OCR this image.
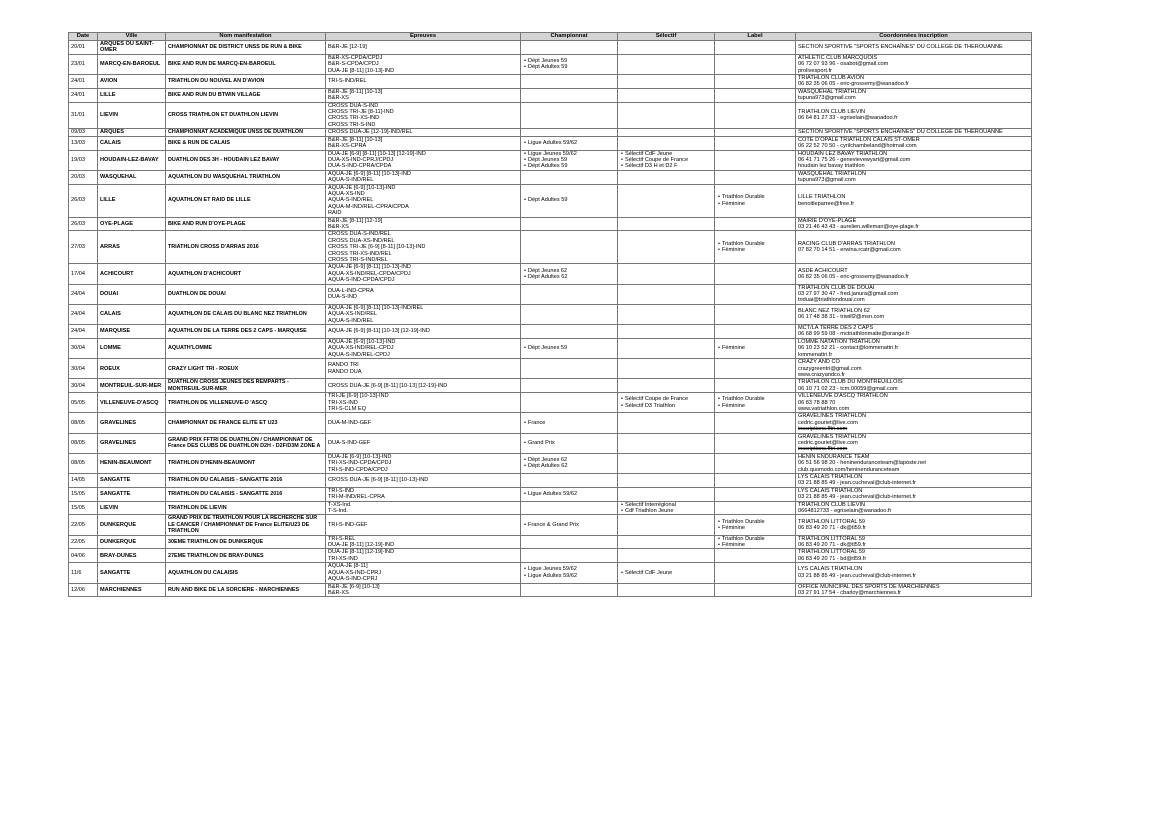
Date	Ville	Nom manifestation	Épreuves	Championnat	Sélectif	Label	Coordonnées inscription
20/01	ARQUES OU SAINT-OMER	CHAMPIONNAT DE DISTRICT UNSS DE RUN & BIKE	B&R-JE [12-19]				SECTION SPORTIVE "SPORTS ENCHAÎNES" DU COLLEGE DE THEROUANNE

23/01	MARCQ-EN-BAROEUL	BIKE AND RUN DE MARCQ-EN-BAROEUL	B&R-XS-CPDA/CPDJ
B&R-S-CPDA/CPDJ
DUA-JE [8-11] [10-13]-IND	• Dépt Jeunes 59
• Dépt Adultes 59			ATHLETIC CLUB MARCQUOIS
06 72 07 93 96 - osabot@gmail.com
prolivesport.fr

24/01	AVION	TRIATHLON DU NOUVEL AN D'AVION	TRI-S-IND/REL				TRIATHLON CLUB AVION
06 82 35 06 05 - eric-grossemy@wanadoo.fr

24/01	LILLE	BIKE AND RUN DU BTWIN VILLAGE	B&R-JE [8-11] [10-13]
B&R-XS				WASQUEHAL TRIATHLON
tupuna973@gmail.com

31/01	LIEVIN	CROSS TRIATHLON ET DUATHLON LIEVIN	CROSS DUA-S-IND
CROSS TRI-JE [8-11]-IND
CROSS TRI-XS-IND
CROSS TRI-S-IND				TRIATHLON CLUB LIEVIN
06 64 81 27 33 - egriselain@wanadoo.fr

09/03	ARQUES	CHAMPIONNAT ACADEMIQUE UNSS DE DUATHLON	CROSS DUA-JE [12-19]-IND/REL				SECTION SPORTIVE "SPORTS ENCHAÎNES" DU COLLEGE DE THEROUANNE

13/03	CALAIS	BIKE & RUN DE CALAIS	B&R-JE [8-11] [10-13]
B&R-XS-CPRA	• Ligue Adultes 59/62			CÔTE D'OPALE TRIATHLON CALAIS ST-OMER
06 22 52 70 50 - cyrilchambeland@hotmail.com

19/03	HOUDAIN-LEZ-BAVAY	DUATHLON DES 3H - HOUDAIN LEZ BAVAY	DUA-JE [6-9] [8-11] [10-13] [12-19]-IND
DUA-XS-IND-CPRJ/CPDJ
DUA-S-IND-CPRA/CPDA	• Ligue Jeunes 59/62
• Dépt Jeunes 59
• Dépt Adultes 59	• Sélectif CdF Jeune
• Sélectif Coupe de France
• Sélectif D3 H et D2 F		HOUDAIN LEZ BAVAY TRIATHLON
06 41 71 75 26 - genevievewyart@gmail.com
houdain lez bavay triathlon

20/03	WASQUEHAL	AQUATHLON DU WASQUEHAL TRIATHLON	AQUA-JE [6-9] [8-11] [10-13]-IND
AQUA-S-IND/REL				WASQUEHAL TRIATHLON
tupuna973@gmail.com

26/03	LILLE	AQUATHLON ET RAID DE LILLE	AQUA-JE [6-9] [10-13]-IND
AQUA-XS-IND
AQUA-S-IND/REL
AQUA-M-IND/REL-CPRA/CPDA
RAID	• Dépt Adultes 59		• Triathlon Durable
• Féminine	LILLE TRIATHLON
benoitleparree@free.fr

26/03	OYE-PLAGE	BIKE AND RUN D'OYE-PLAGE	B&R-JE [8-11] [12-19]
B&R-XS				MAIRIE D'OYE-PLAGE
03 21 46 43 43 - aurelien.willeman@oye-plage.fr

27/03	ARRAS	TRIATHLON CROSS D'ARRAS 2016	CROSS DUA-S-IND/REL
CROSS DUA-XS-IND/REL
CROSS TRI-JE [6-9] [8-11] [10-13]-IND
CROSS TRI-XS-IND/REL
CROSS TRI-S-IND/REL			• Triathlon Durable
• Féminine	RACING CLUB D'ARRAS TRIATHLON
07 82 70 14 51 - erwina.rcatr@gmail.com

17/04	ACHICOURT	AQUATHLON D'ACHICOURT	AQUA-JE [6-9] [8-11] [10-13]-IND
AQUA-XS-IND/REL-CPDA/CPDJ
AQUA-S-IND-CPDA/CPDJ	• Dépt Jeunes 62
• Dépt Adultes 62			ASDE ACHICOURT
06 82 35 06 05 - eric-grossemy@wanadoo.fr

24/04	DOUAI	DUATHLON DE DOUAI	DUA-L-IND-CPRA
DUA-S-IND				TRIATHLON CLUB DE DOUAI
03 27 97 30 47 - fred.janura@gmail.com
triduai@triathlondouai.com

24/04	CALAIS	AQUATHLON DE CALAIS DU BLANC NEZ TRIATHLON	AQUA-JE [6-9] [8-11] [10-13]-IND/REL
AQUA-XS-IND/REL
AQUA-S-IND/REL				BLANC NEZ TRIATHLON 62
06 17 48 38 31 - triwill2@msn.com

24/04	MARQUISE	AQUATHLON DE LA TERRE DES 2 CAPS - MARQUISE	AQUA-JE [6-9] [8-11] [10-13] [12-19]-IND				MCT/LA TERRE DES 2 CAPS
06 68 99 59 08 - mctriathlonmaite@orange.fr

30/04	LOMME	AQUATH'LOMME	AQUA-JE [6-9] [10-13]-IND
AQUA-XS-IND/REL-CPDJ
AQUA-S-IND/REL-CPDJ	• Dépt Jeunes 59		• Féminine	LOMME NATATION TRIATHLON
06 10 23 52 21 - contact@lommenattri.fr
lommenattri.fr

30/04	ROEUX	CRAZY LIGHT TRI - ROEUX	RANDO TRI
RANDO DUA				CRAZY AND CO
crazygreentri@gmail.com
www.crazyandco.fr

30/04	MONTREUIL-SUR-MER	DUATHLON CROSS JEUNES DES REMPARTS - MONTREUIL-SUR-MER	CROSS DUA-JE [6-9] [8-11] [10-13] [12-19]-IND				TRIATHLON CLUB DU MONTREUILLOIS
06 10 71 02 23 - tcm.00059@gmail.com

05/05	VILLENEUVE-D'ASCQ	TRIATHLON DE VILLENEUVE-D 'ASCQ	TRI-JE [6-9] [10-13]-IND
TRI-XS-IND
TRI-S-CLM EQ		• Sélectif Coupe de France
• Sélectif D3 Triathlon	• Triathlon Durable
• Féminine	VILLENEUVE D'ASCQ TRIATHLON
06 83 78 88 70
www.vatriathlon.com

08/05	GRAVELINES	CHAMPIONNAT DE FRANCE ELITE ET U23	DUA-M-IND-GEF	• France			GRAVELINES TRIATHLON
cedric.gouriet@live.com
inscriptions.fftri.com

08/05	GRAVELINES	GRAND PRIX FFTRI DE DUATHLON / CHAMPIONNAT DE France DES CLUBS DE DUATHLON D2H - D2F/D3M ZONE A	DUA-S-IND-GEF	• Grand Prix			GRAVELINES TRIATHLON
cedric.gouriet@live.com
inscriptions.fftri.com

08/05	HENIN-BEAUMONT	TRIATHLON D'HENIN-BEAUMONT	DUA-JE [6-9] [10-13]-IND
TRI-XS-IND-CPDA/CPDJ
TRI-S-IND-CPDA/CPDJ	• Dépt Jeunes 62
• Dépt Adultes 62			HENIN ENDURANCE TEAM
06 51 56 98 20 - heninenduranceteam@laposte.net
club.quomodo.com/heninenduranceteam

14/05	SANGATTE	TRIATHLON DU CALAISIS - SANGATTE 2016	CROSS DUA-JE [6-9] [8-11] [10-13]-IND				LYS CALAIS TRIATHLON
03 21 88 85 49 - jean.cucheval@club-internet.fr

15/05	SANGATTE	TRIATHLON DU CALAISIS - SANGATTE 2016	TRI-S-IND
TRI-M-IND/REL-CPRA	• Ligue Adultes 59/62			LYS CALAIS TRIATHLON
03 21 88 85 49 - jean.cucheval@club-internet.fr

15/05	LIEVIN	TRIATHLON DE LIEVIN	T-XS-Ind.
T-S-Ind.		• Sélectif Interrégional
• Cdf Triathlon Jeune		TRIATHLON CLUB LIEVIN
0664812733 - egriselain@wanadoo.fr

22/05	DUNKERQUE	GRAND PRIX DE TRIATHLON POUR LA RECHERCHE SUR LE CANCER / CHAMPIONNAT DE France ELITE/U23 DE TRIATHLON	TRI-S-IND-GEF	• France & Grand Prix		• Triathlon Durable
• Féminine	TRIATHLON LITTORAL 59
06 83 49 20 71 - dk@tl59.fr

22/05	DUNKERQUE	30EME TRIATHLON DE DUNKERQUE	TRI-S-REL
DUA-JE [8-11] [12-19]-IND			• Triathlon Durable
• Féminine	TRIATHLON LITTORAL 59
06 83 49 20 71 - dk@tl59.fr

04/06	BRAY-DUNES	27EME TRIATHLON DE BRAY-DUNES	DUA-JE [8-11] [12-19]-IND
TRI-XS-IND				TRIATHLON LITTORAL 59
06 83 49 20 71 - bd@tl59.fr

11/6	SANGATTE	AQUATHLON DU CALAISIS	AQUA-JE [8-11]
AQUA-XS-IND-CPRJ
AQUA-S-IND-CPRJ	• Ligue Jeunes 59/62
• Ligue Adultes 59/62	• Sélectif CdF Jeune		LYS CALAIS TRIATHLON
03 21 88 85 49 - jean.cucheval@club-internet.fr

12/06	MARCHIENNES	RUN AND BIKE DE LA SORCIERE - MARCHIENNES	B&R-JE [6-9] [10-13]
B&R-XS				OFFICE MUNICIPAL DES SPORTS DE MARCHIENNES
03 27 91 17 54 - cbarloy@marchiennes.fr
